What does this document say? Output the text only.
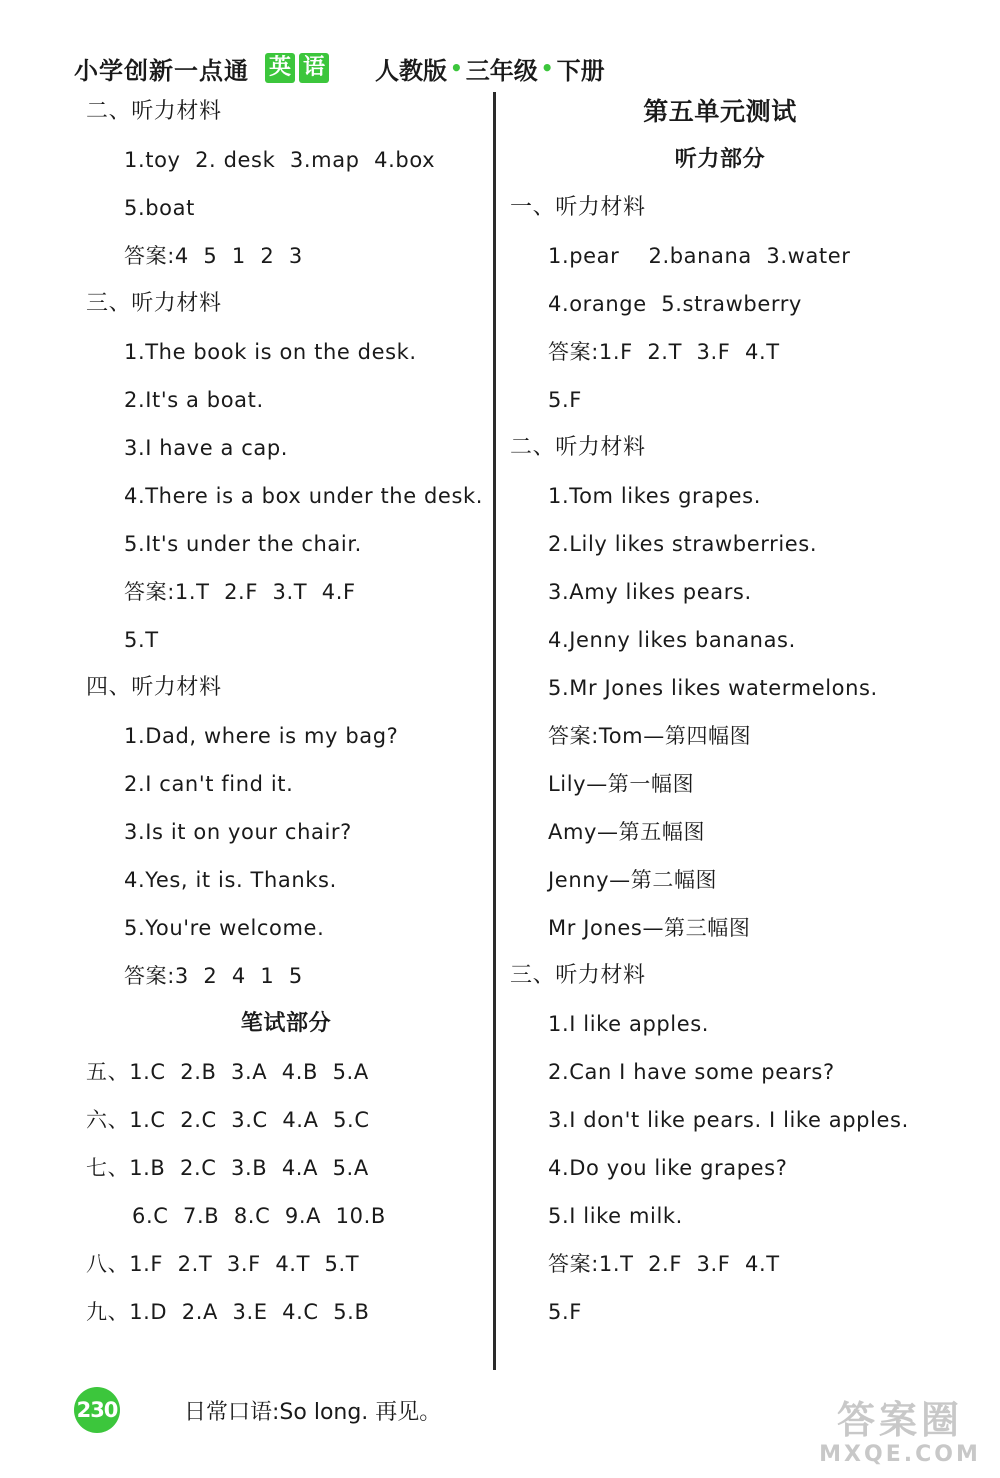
小学创新一点通 英 语 人教版 • 三年级 • 下册
二、听力材料
1.toy  2. desk  3.map  4.box
5.boat
答案:4  5  1  2  3
三、听力材料
1.The book is on the desk.
2.It's a boat.
3.I have a cap.
4.There is a box under the desk.
5.It's under the chair.
答案:1.T  2.F  3.T  4.F
5.T
四、听力材料
1.Dad, where is my bag?
2.I can't find it.
3.Is it on your chair?
4.Yes, it is. Thanks.
5.You're welcome.
答案:3  2  4  1  5
笔试部分
五、1.C  2.B  3.A  4.B  5.A
六、1.C  2.C  3.C  4.A  5.C
七、1.B  2.C  3.B  4.A  5.A
6.C  7.B  8.C  9.A  10.B
八、1.F  2.T  3.F  4.T  5.T
九、1.D  2.A  3.E  4.C  5.B
第五单元测试
听力部分
一、听力材料
1.pear    2.banana  3.water
4.orange  5.strawberry
答案:1.F  2.T  3.F  4.T
5.F
二、听力材料
1.Tom likes grapes.
2.Lily likes strawberries.
3.Amy likes pears.
4.Jenny likes bananas.
5.Mr Jones likes watermelons.
答案:Tom—第四幅图
Lily—第一幅图
Amy—第五幅图
Jenny—第二幅图
Mr Jones—第三幅图
三、听力材料
1.I like apples.
2.Can I have some pears?
3.I don't like pears. I like apples.
4.Do you like grapes?
5.I like milk.
答案:1.T  2.F  3.F  4.T
5.F
230	日常口语:So long. 再见。	答案圈
MXQE.COM
